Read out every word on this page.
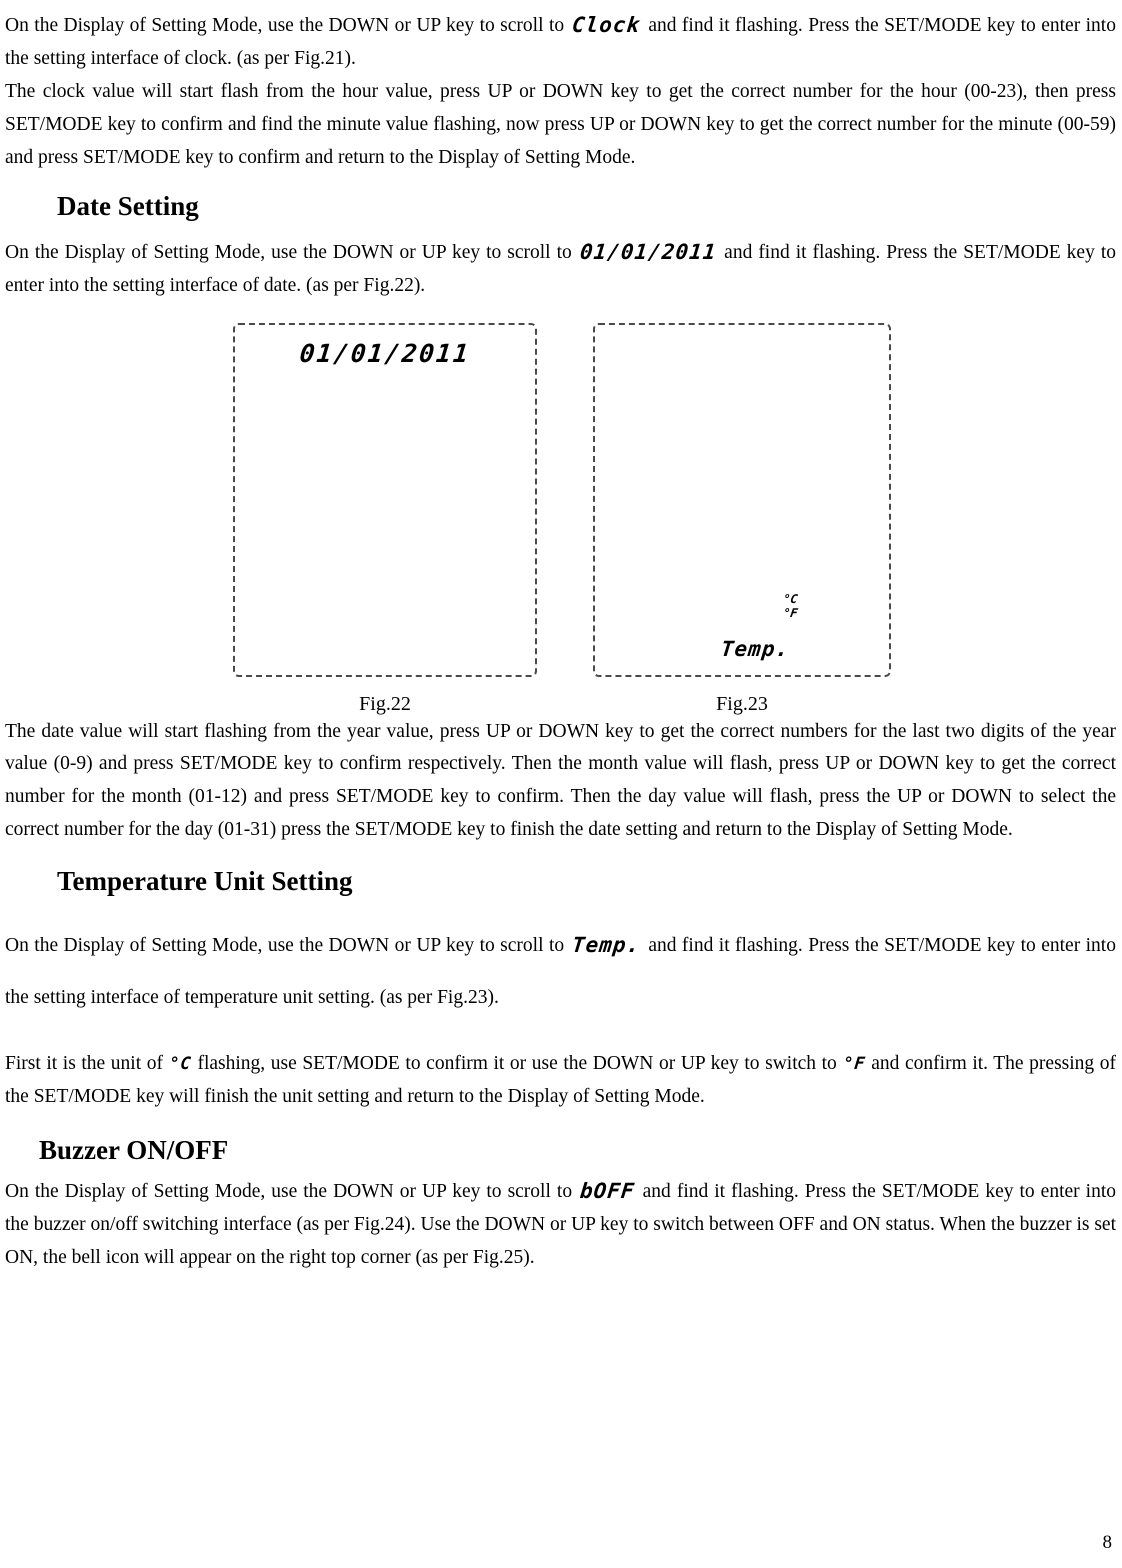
On the Display of Setting Mode, use the DOWN or UP key to scroll to Clock and find it flashing. Press the SET/MODE key to enter into the setting interface of clock. (as per Fig.21).

The clock value will start flash from the hour value, press UP or DOWN key to get the correct number for the hour (00-23), then press SET/MODE key to confirm and find the minute value flashing, now press UP or DOWN key to get the correct number for the minute (00-59) and press SET/MODE key to confirm and return to the Display of Setting Mode.

Date Setting

On the Display of Setting Mode, use the DOWN or UP key to scroll to 01/01/2011 and find it flashing. Press the SET/MODE key to enter into the setting interface of date. (as per Fig.22).

01/01/2011
°C
°F
Temp.
Fig.22	Fig.23

The date value will start flashing from the year value, press UP or DOWN key to get the correct numbers for the last two digits of the year value (0-9) and press SET/MODE key to confirm respectively. Then the month value will flash, press UP or DOWN key to get the correct number for the month (01-12) and press SET/MODE key to confirm. Then the day value will flash, press the UP or DOWN to select the correct number for the day (01-31) press the SET/MODE key to finish the date setting and return to the Display of Setting Mode.

Temperature Unit Setting

On the Display of Setting Mode, use the DOWN or UP key to scroll to Temp. and find it flashing. Press the SET/MODE key to enter into the setting interface of temperature unit setting. (as per Fig.23).

First it is the unit of °C flashing, use SET/MODE to confirm it or use the DOWN or UP key to switch to °F and confirm it. The pressing of the SET/MODE key will finish the unit setting and return to the Display of Setting Mode.

Buzzer ON/OFF

On the Display of Setting Mode, use the DOWN or UP key to scroll to bOFF and find it flashing. Press the SET/MODE key to enter into the buzzer on/off switching interface (as per Fig.24). Use the DOWN or UP key to switch between OFF and ON status. When the buzzer is set ON, the bell icon will appear on the right top corner (as per Fig.25).

8
